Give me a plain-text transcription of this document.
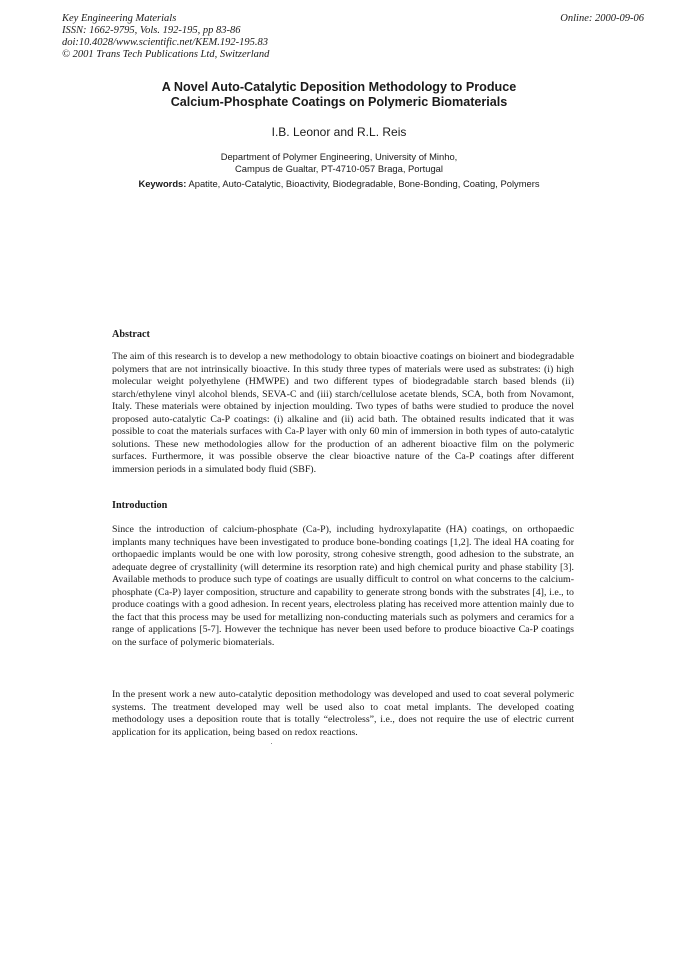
Key Engineering Materials
ISSN: 1662-9795, Vols. 192-195, pp 83-86
doi:10.4028/www.scientific.net/KEM.192-195.83
© 2001 Trans Tech Publications Ltd, Switzerland
Online: 2000-09-06
A Novel Auto-Catalytic Deposition Methodology to Produce
Calcium-Phosphate Coatings on Polymeric Biomaterials
I.B. Leonor and R.L. Reis
Department of Polymer Engineering, University of Minho,
Campus de Gualtar, PT-4710-057 Braga, Portugal
Keywords: Apatite, Auto-Catalytic, Bioactivity, Biodegradable, Bone-Bonding, Coating, Polymers
Abstract
The aim of this research is to develop a new methodology to obtain bioactive coatings on bioinert and biodegradable polymers that are not intrinsically bioactive. In this study three types of materials were used as substrates: (i) high molecular weight polyethylene (HMWPE) and two different types of biodegradable starch based blends (ii) starch/ethylene vinyl alcohol blends, SEVA-C and (iii) starch/cellulose acetate blends, SCA, both from Novamont, Italy. These materials were obtained by injection moulding. Two types of baths were studied to produce the novel proposed auto-catalytic Ca-P coatings: (i) alkaline and (ii) acid bath. The obtained results indicated that it was possible to coat the materials surfaces with Ca-P layer with only 60 min of immersion in both types of auto-catalytic solutions. These new methodologies allow for the production of an adherent bioactive film on the polymeric surfaces. Furthermore, it was possible observe the clear bioactive nature of the Ca-P coatings after different immersion periods in a simulated body fluid (SBF).
Introduction
Since the introduction of calcium-phosphate (Ca-P), including hydroxylapatite (HA) coatings, on orthopaedic implants many techniques have been investigated to produce bone-bonding coatings [1,2]. The ideal HA coating for orthopaedic implants would be one with low porosity, strong cohesive strength, good adhesion to the substrate, an adequate degree of crystallinity (will determine its resorption rate) and high chemical purity and phase stability [3]. Available methods to produce such type of coatings are usually difficult to control on what concerns to the calcium-phosphate (Ca-P) layer composition, structure and capability to generate strong bonds with the substrates [4], i.e., to produce coatings with a good adhesion. In recent years, electroless plating has received more attention mainly due to the fact that this process may be used for metallizing non-conducting materials such as polymers and ceramics for a range of applications [5-7]. However the technique has never been used before to produce bioactive Ca-P coatings on the surface of polymeric biomaterials.
In the present work a new auto-catalytic deposition methodology was developed and used to coat several polymeric systems. The treatment developed may well be used also to coat metal implants. The developed coating methodology uses a deposition route that is totally “electroless”, i.e., does not require the use of electric current application for its application, being based on redox reactions.
